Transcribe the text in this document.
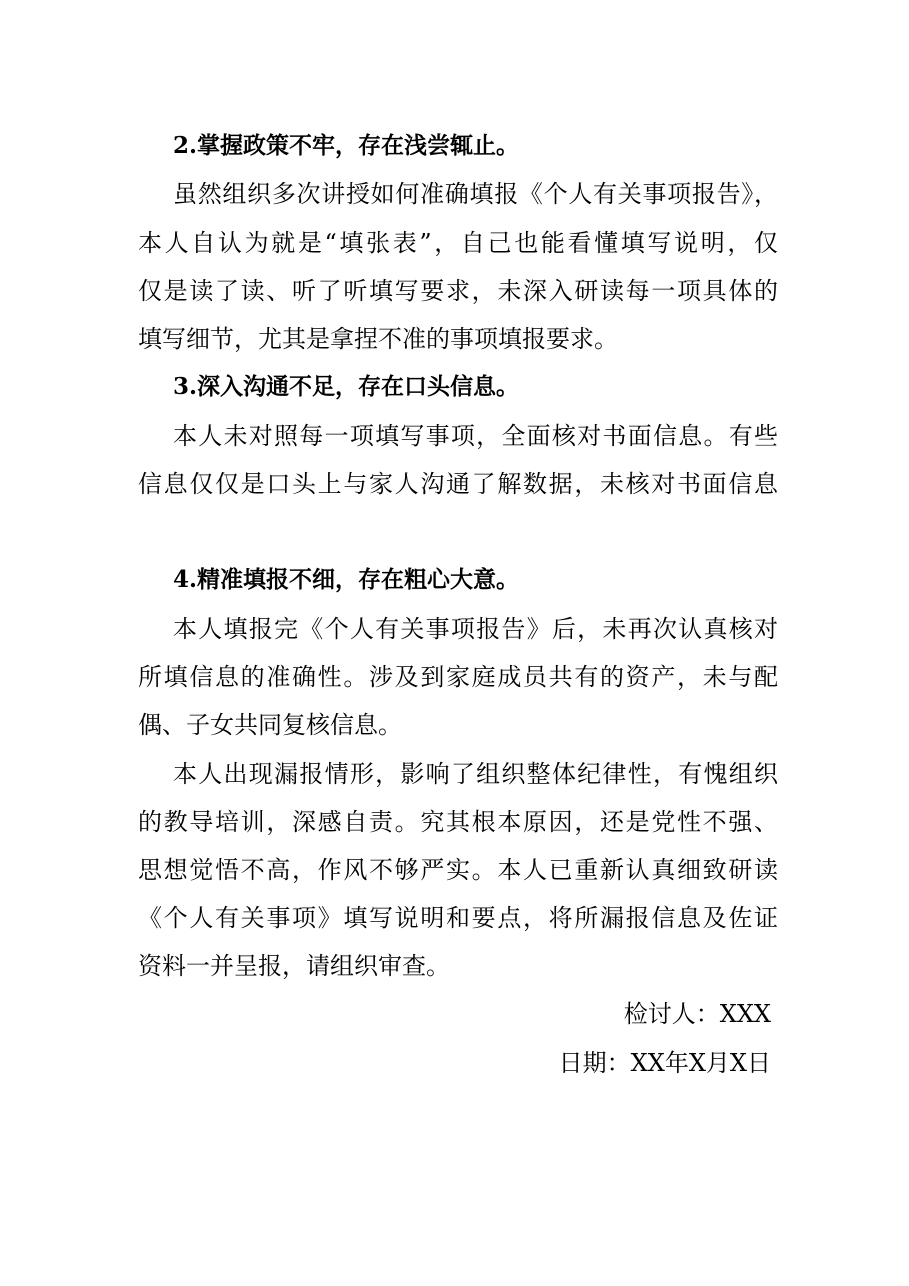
2.掌握政策不牢，存在浅尝辄止。
虽然组织多次讲授如何准确填报《个人有关事项报告》，
本人自认为就是“填张表”，自己也能看懂填写说明，仅
仅是读了读、听了听填写要求，未深入研读每一项具体的
填写细节，尤其是拿捏不准的事项填报要求。
3.深入沟通不足，存在口头信息。
本人未对照每一项填写事项，全面核对书面信息。有些
信息仅仅是口头上与家人沟通了解数据，未核对书面信息
4.精准填报不细，存在粗心大意。
本人填报完《个人有关事项报告》后，未再次认真核对
所填信息的准确性。涉及到家庭成员共有的资产，未与配
偶、子女共同复核信息。
本人出现漏报情形，影响了组织整体纪律性，有愧组织
的教导培训，深感自责。究其根本原因，还是党性不强、
思想觉悟不高，作风不够严实。本人已重新认真细致研读
《个人有关事项》填写说明和要点，将所漏报信息及佐证
资料一并呈报，请组织审查。
检讨人：XXX
日期：XX年X月X日
